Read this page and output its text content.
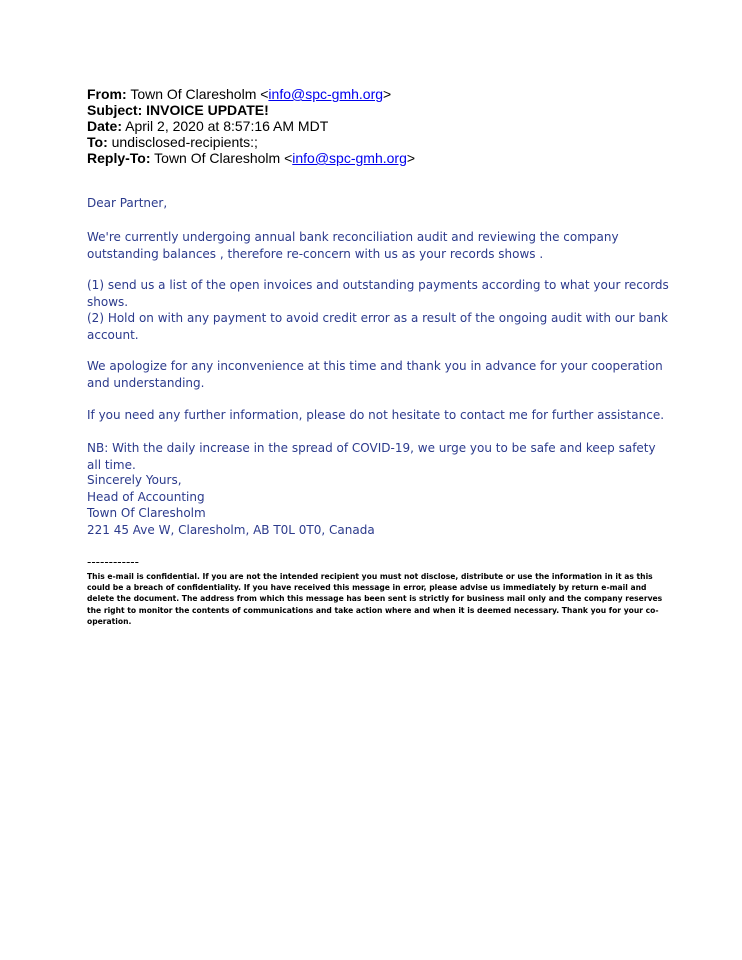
From: Town Of Claresholm <info@spc-gmh.org>
Subject: INVOICE UPDATE!
Date: April 2, 2020 at 8:57:16 AM MDT
To: undisclosed-recipients:;
Reply-To: Town Of Claresholm <info@spc-gmh.org>

Dear Partner,

We're currently undergoing annual bank reconciliation audit and reviewing the company outstanding balances , therefore re-concern with us as your records shows .

(1) send us a list of the open invoices and outstanding payments according to what your records shows.

(2) Hold on with any payment to avoid credit error as a result of the ongoing audit with our bank account.

We apologize for any inconvenience at this time and thank you in advance for your cooperation and understanding.

If you need any further information, please do not hesitate to contact me for further assistance.

NB: With the daily increase in the spread of COVID-19, we urge you to be safe and keep safety all time.

Sincerely Yours,
Head of Accounting
Town Of Claresholm
221 45 Ave W, Claresholm, AB T0L 0T0, Canada
------------
This e-mail is confidential. If you are not the intended recipient you must not disclose, distribute or use the information in it as this could be a breach of confidentiality. If you have received this message in error, please advise us immediately by return e-mail and delete the document. The address from which this message has been sent is strictly for business mail only and the company reserves the right to monitor the contents of communications and take action where and when it is deemed necessary. Thank you for your co-operation.
